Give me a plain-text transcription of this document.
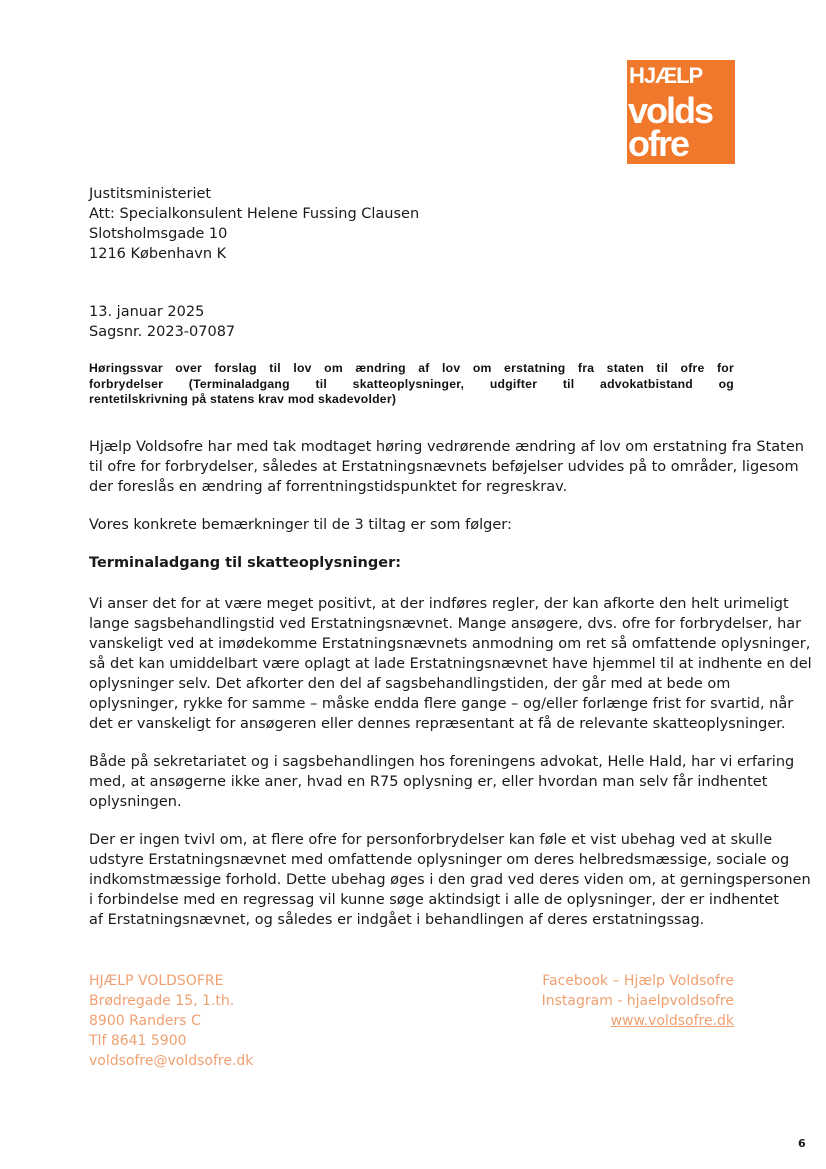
HJÆLP
volds
ofre
Justitsministeriet
Att: Specialkonsulent Helene Fussing Clausen
Slotsholmsgade 10
1216 København K
13. januar 2025
Sagsnr. 2023-07087
Høringssvar over forslag til lov om ændring af lov om erstatning fra staten til ofre for
forbrydelser (Terminaladgang til skatteoplysninger, udgifter til advokatbistand og
rentetilskrivning på statens krav mod skadevolder)
Hjælp Voldsofre har med tak modtaget høring vedrørende ændring af lov om erstatning fra Staten
til ofre for forbrydelser, således at Erstatningsnævnets beføjelser udvides på to områder, ligesom
der foreslås en ændring af forrentningstidspunktet for regreskrav.
Vores konkrete bemærkninger til de 3 tiltag er som følger:
Terminaladgang til skatteoplysninger:
Vi anser det for at være meget positivt, at der indføres regler, der kan afkorte den helt urimeligt
lange sagsbehandlingstid ved Erstatningsnævnet. Mange ansøgere, dvs. ofre for forbrydelser, har
vanskeligt ved at imødekomme Erstatningsnævnets anmodning om ret så omfattende oplysninger,
så det kan umiddelbart være oplagt at lade Erstatningsnævnet have hjemmel til at indhente en del
oplysninger selv. Det afkorter den del af sagsbehandlingstiden, der går med at bede om
oplysninger, rykke for samme – måske endda flere gange – og/eller forlænge frist for svartid, når
det er vanskeligt for ansøgeren eller dennes repræsentant at få de relevante skatteoplysninger.
Både på sekretariatet og i sagsbehandlingen hos foreningens advokat, Helle Hald, har vi erfaring
med, at ansøgerne ikke aner, hvad en R75 oplysning er, eller hvordan man selv får indhentet
oplysningen.
Der er ingen tvivl om, at flere ofre for personforbrydelser kan føle et vist ubehag ved at skulle
udstyre Erstatningsnævnet med omfattende oplysninger om deres helbredsmæssige, sociale og
indkomstmæssige forhold. Dette ubehag øges i den grad ved deres viden om, at gerningspersonen
i forbindelse med en regressag vil kunne søge aktindsigt i alle de oplysninger, der er indhentet
af Erstatningsnævnet, og således er indgået i behandlingen af deres erstatningssag.
HJÆLP VOLDSOFRE
Brødregade 15, 1.th.
8900 Randers C
Tlf 8641 5900
voldsofre@voldsofre.dk
Facebook – Hjælp Voldsofre
Instagram - hjaelpvoldsofre
www.voldsofre.dk
6
